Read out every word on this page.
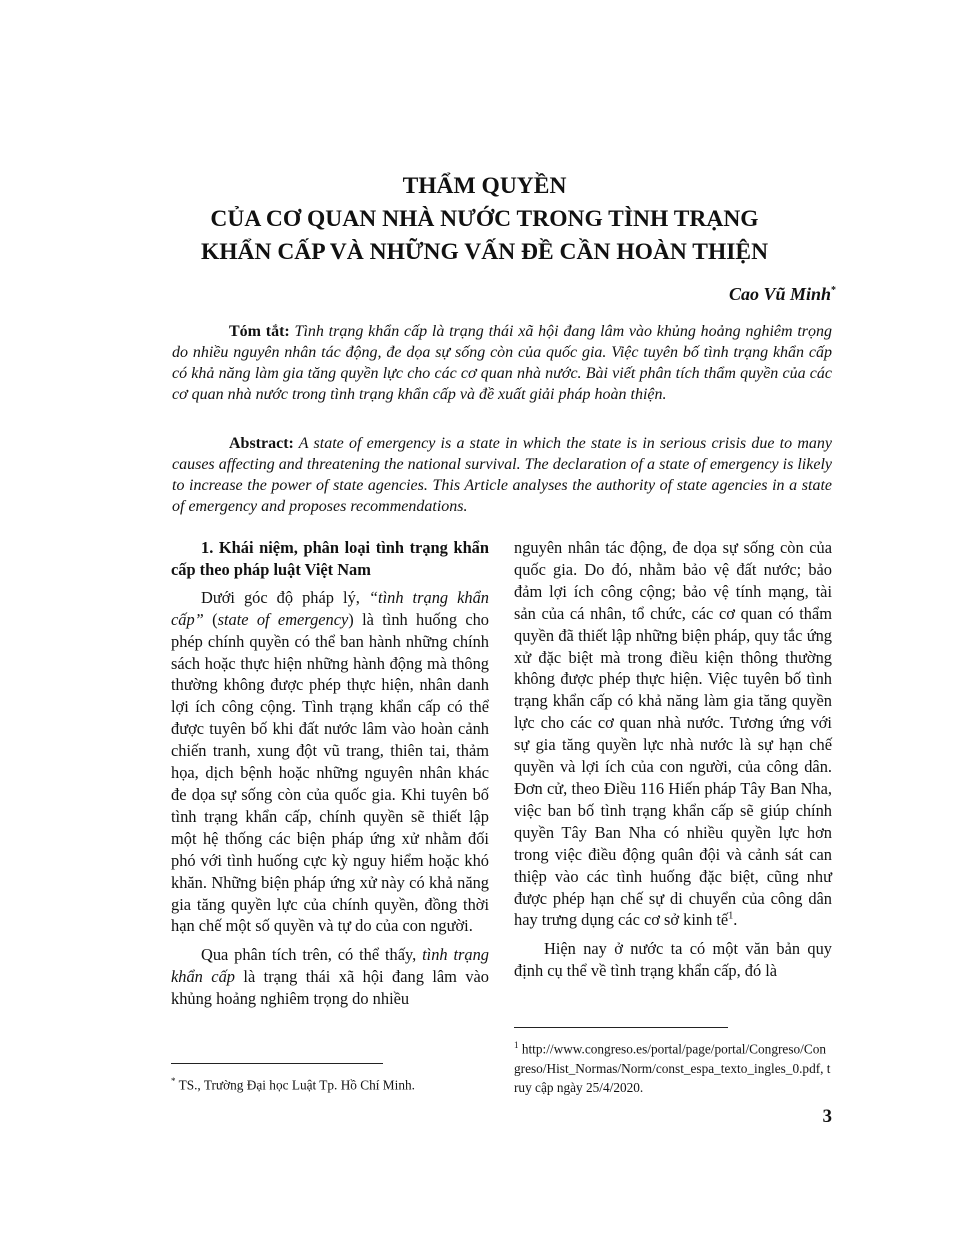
THẨM QUYỀN
CỦA CƠ QUAN NHÀ NƯỚC TRONG TÌNH TRẠNG
KHẨN CẤP VÀ NHỮNG VẤN ĐỀ CẦN HOÀN THIỆN
Cao Vũ Minh*

Tóm tắt: Tình trạng khẩn cấp là trạng thái xã hội đang lâm vào khủng hoảng nghiêm trọng do nhiều nguyên nhân tác động, đe dọa sự sống còn của quốc gia. Việc tuyên bố tình trạng khẩn cấp có khả năng làm gia tăng quyền lực cho các cơ quan nhà nước. Bài viết phân tích thẩm quyền của các cơ quan nhà nước trong tình trạng khẩn cấp và đề xuất giải pháp hoàn thiện.

Abstract: A state of emergency is a state in which the state is in serious crisis due to many causes affecting and threatening the national survival. The declaration of a state of emergency is likely to increase the power of state agencies. This Article analyses the authority of state agencies in a state of emergency and proposes recommendations.

1. Khái niệm, phân loại tình trạng khẩn cấp theo pháp luật Việt Nam

Dưới góc độ pháp lý, “tình trạng khẩn cấp” (state of emergency) là tình huống cho phép chính quyền có thể ban hành những chính sách hoặc thực hiện những hành động mà thông thường không được phép thực hiện, nhân danh lợi ích công cộng. Tình trạng khẩn cấp có thể được tuyên bố khi đất nước lâm vào hoàn cảnh chiến tranh, xung đột vũ trang, thiên tai, thảm họa, dịch bệnh hoặc những nguyên nhân khác đe dọa sự sống còn của quốc gia. Khi tuyên bố tình trạng khẩn cấp, chính quyền sẽ thiết lập một hệ thống các biện pháp ứng xử nhằm đối phó với tình huống cực kỳ nguy hiểm hoặc khó khăn. Những biện pháp ứng xử này có khả năng gia tăng quyền lực của chính quyền, đồng thời hạn chế một số quyền và tự do của con người.

Qua phân tích trên, có thể thấy, tình trạng khẩn cấp là trạng thái xã hội đang lâm vào khủng hoảng nghiêm trọng do nhiều

nguyên nhân tác động, đe dọa sự sống còn của quốc gia. Do đó, nhằm bảo vệ đất nước; bảo đảm lợi ích công cộng; bảo vệ tính mạng, tài sản của cá nhân, tổ chức, các cơ quan có thẩm quyền đã thiết lập những biện pháp, quy tắc ứng xử đặc biệt mà trong điều kiện thông thường không được phép thực hiện. Việc tuyên bố tình trạng khẩn cấp có khả năng làm gia tăng quyền lực cho các cơ quan nhà nước. Tương ứng với sự gia tăng quyền lực nhà nước là sự hạn chế quyền và lợi ích của con người, của công dân. Đơn cử, theo Điều 116 Hiến pháp Tây Ban Nha, việc ban bố tình trạng khẩn cấp sẽ giúp chính quyền Tây Ban Nha có nhiều quyền lực hơn trong việc điều động quân đội và cảnh sát can thiệp vào các tình huống đặc biệt, cũng như được phép hạn chế sự di chuyển của công dân hay trưng dụng các cơ sở kinh tế$^1$.

Hiện nay ở nước ta có một văn bản quy định cụ thể về tình trạng khẩn cấp, đó là

* TS., Trường Đại học Luật Tp. Hồ Chí Minh.
$^1$ http://www.congreso.es/portal/page/portal/Congreso/Congreso/Hist_Normas/Norm/const_espa_texto_ingles_0.pdf, truy cập ngày 25/4/2020.
3
